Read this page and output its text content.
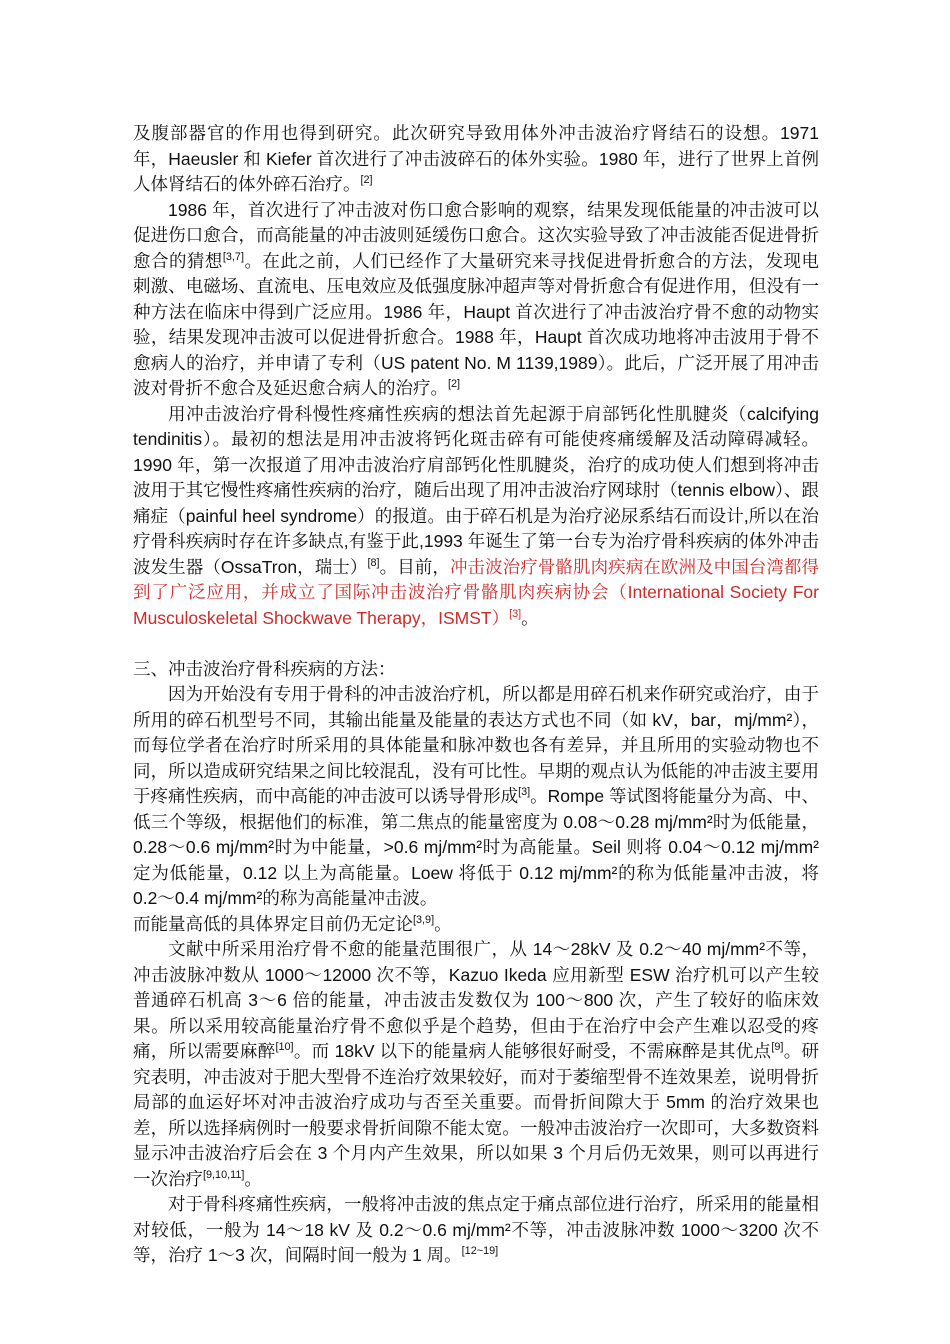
及腹部器官的作用也得到研究。此次研究导致用体外冲击波治疗肾结石的设想。1971 年，Haeusler 和 Kiefer 首次进行了冲击波碎石的体外实验。1980 年，进行了世界上首例人体肾结石的体外碎石治疗。[2]

1986 年，首次进行了冲击波对伤口愈合影响的观察，结果发现低能量的冲击波可以促进伤口愈合，而高能量的冲击波则延缓伤口愈合。这次实验导致了冲击波能否促进骨折愈合的猜想[3,7]。在此之前，人们已经作了大量研究来寻找促进骨折愈合的方法，发现电刺激、电磁场、直流电、压电效应及低强度脉冲超声等对骨折愈合有促进作用，但没有一种方法在临床中得到广泛应用。1986 年，Haupt 首次进行了冲击波治疗骨不愈的动物实验，结果发现冲击波可以促进骨折愈合。1988 年，Haupt 首次成功地将冲击波用于骨不愈病人的治疗，并申请了专利（US patent No. M 1139,1989）。此后，广泛开展了用冲击波对骨折不愈合及延迟愈合病人的治疗。[2]

用冲击波治疗骨科慢性疼痛性疾病的想法首先起源于肩部钙化性肌腱炎（calcifying tendinitis）。最初的想法是用冲击波将钙化斑击碎有可能使疼痛缓解及活动障碍减轻。1990 年，第一次报道了用冲击波治疗肩部钙化性肌腱炎，治疗的成功使人们想到将冲击波用于其它慢性疼痛性疾病的治疗，随后出现了用冲击波治疗网球肘（tennis elbow）、跟痛症（painful heel syndrome）的报道。由于碎石机是为治疗泌尿系结石而设计,所以在治疗骨科疾病时存在许多缺点,有鉴于此,1993 年诞生了第一台专为治疗骨科疾病的体外冲击波发生器（OssaTron，瑞士）[8]。目前，冲击波治疗骨骼肌肉疾病在欧洲及中国台湾都得到了广泛应用，并成立了国际冲击波治疗骨骼肌肉疾病协会（International Society For Musculoskeletal Shockwave Therapy，ISMST）[3]。

三、冲击波治疗骨科疾病的方法：

因为开始没有专用于骨科的冲击波治疗机，所以都是用碎石机来作研究或治疗，由于所用的碎石机型号不同，其输出能量及能量的表达方式也不同（如 kV，bar，mj/mm²），而每位学者在治疗时所采用的具体能量和脉冲数也各有差异，并且所用的实验动物也不同，所以造成研究结果之间比较混乱，没有可比性。早期的观点认为低能的冲击波主要用于疼痛性疾病，而中高能的冲击波可以诱导骨形成[3]。Rompe 等试图将能量分为高、中、低三个等级，根据他们的标准，第二焦点的能量密度为 0.08～0.28 mj/mm²时为低能量，0.28～0.6 mj/mm²时为中能量，>0.6 mj/mm²时为高能量。Seil 则将 0.04～0.12 mj/mm²定为低能量，0.12 以上为高能量。Loew 将低于 0.12 mj/mm²的称为低能量冲击波，将 0.2～0.4 mj/mm²的称为高能量冲击波。

而能量高低的具体界定目前仍无定论[3,9]。

文献中所采用治疗骨不愈的能量范围很广，从 14～28kV 及 0.2～40 mj/mm²不等，冲击波脉冲数从 1000～12000 次不等，Kazuo Ikeda 应用新型 ESW 治疗机可以产生较普通碎石机高 3～6 倍的能量，冲击波击发数仅为 100～800 次，产生了较好的临床效果。所以采用较高能量治疗骨不愈似乎是个趋势，但由于在治疗中会产生难以忍受的疼痛，所以需要麻醉[10]。而 18kV 以下的能量病人能够很好耐受，不需麻醉是其优点[9]。研究表明，冲击波对于肥大型骨不连治疗效果较好，而对于萎缩型骨不连效果差，说明骨折局部的血运好坏对冲击波治疗成功与否至关重要。而骨折间隙大于 5mm 的治疗效果也差，所以选择病例时一般要求骨折间隙不能太宽。一般冲击波治疗一次即可，大多数资料显示冲击波治疗后会在 3 个月内产生效果，所以如果 3 个月后仍无效果，则可以再进行一次治疗[9,10,11]。

对于骨科疼痛性疾病，一般将冲击波的焦点定于痛点部位进行治疗，所采用的能量相对较低，一般为 14～18 kV 及 0.2～0.6 mj/mm²不等，冲击波脉冲数 1000～3200 次不等，治疗 1～3 次，间隔时间一般为 1 周。[12~19]
